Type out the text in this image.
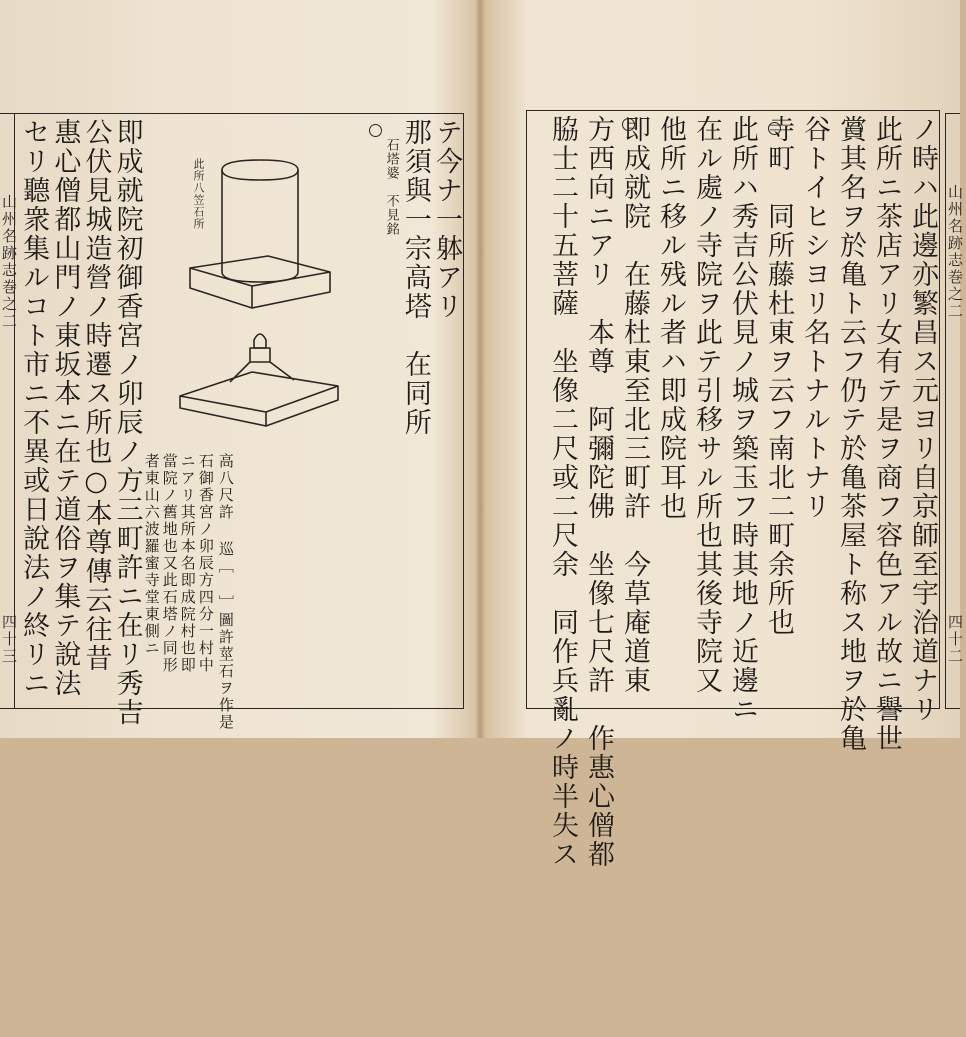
山州名跡志巻之二
四十三
テ今ナ一躰アリ
那須與一宗高塔　在同所
石塔婆　不見銘
高八尺許 巡［ ］圖許莖石ヲ作是
石御香宮ノ卯辰方四分一村中
ニアリ其所本名即成院村也即
當院ノ舊地也又此石塔ノ同形
者東山六波羅蜜寺堂東側ニ
即成就院初御香宮ノ卯辰ノ方三町許ニ在リ秀吉
公伏見城造營ノ時遷ス所也○本尊傳云往昔
惠心僧都山門ノ東坂本ニ在テ道俗ヲ集テ說法
セリ聽衆集ルコト市ニ不異或日說法ノ終リニ	此所八笠石所	山州名跡志巻之二
四十二
ノ時ハ此邊亦繁昌ス元ヨリ自京師至宇治道ナリ
此所ニ茶店アリ女有テ是ヲ商フ容色アル故ニ譽世
賞其名ヲ於亀ト云フ仍テ於亀茶屋ト称ス地ヲ於亀
谷トイヒシヨリ名トナルトナリ
寺町　同所藤杜東ヲ云フ南北二町余所也
此所ハ秀吉公伏見ノ城ヲ築玉フ時其地ノ近邊ニ
在ル處ノ寺院ヲ此テ引移サル所也其後寺院又
他所ニ移ル残ル者ハ即成院耳也
即成就院　在藤杜東至北三町許　今草庵道東
方西向ニアリ　本尊　阿彌陀佛　坐像七尺許　作惠心僧都
脇士二十五菩薩　坐像二尺或二尺余　同作兵亂ノ時半失ス
